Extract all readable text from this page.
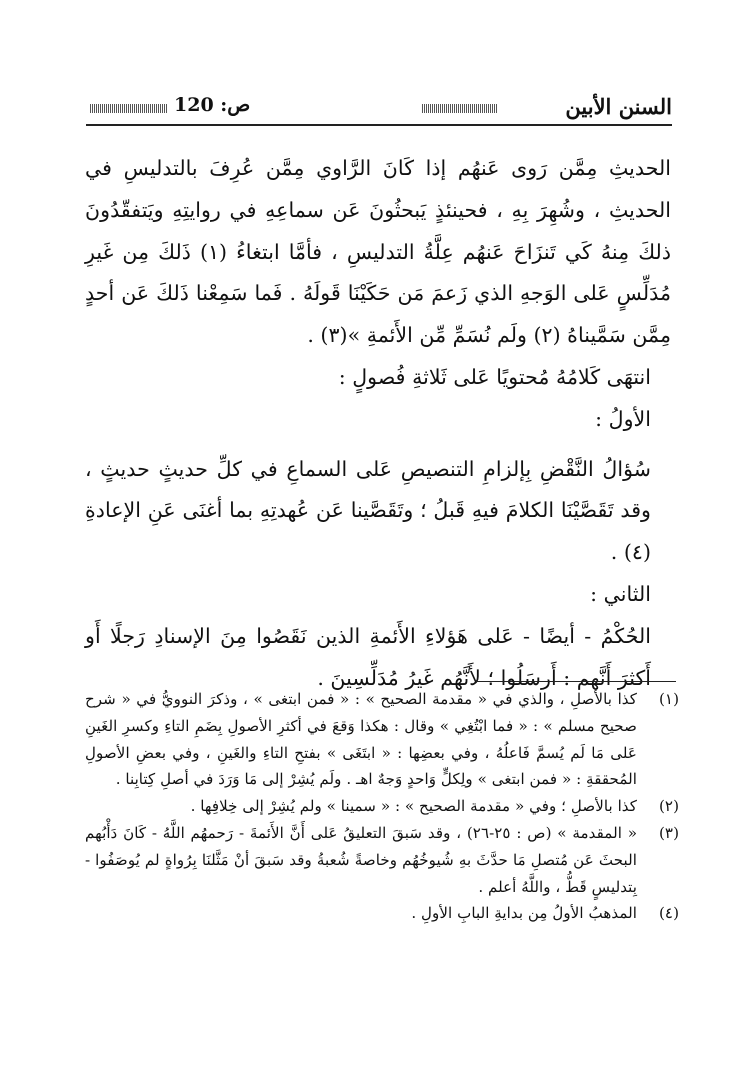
السنن الأبين
ص: 120

الحديثِ مِمَّن رَوى عَنهُم إذا كَانَ الرَّاوي مِمَّن عُرِفَ بالتدليسِ في الحديثِ ، وشُهِرَ بِهِ ، فحينئذٍ يَبحثُونَ عَن سماعِهِ في روايتِهِ ويَتفقّدُونَ ذلكَ مِنهُ كَي تَنزَاحَ عَنهُم عِلَّةُ التدليسِ ، فأمَّا ابتغاءُ (١) ذَلكَ مِن غَيرِ مُدَلِّسٍ عَلى الوَجهِ الذي زَعمَ مَن حَكَيْنَا قَولَهُ . فَما سَمِعْنا ذَلكَ عَن أحدٍ مِمَّن سَمَّيناهُ (٢) ولَم نُسَمِّ مِّن الأَئمةِ »(٣) .

انتهَى كَلامُهُ مُحتويًا عَلى ثَلاثةِ فُصولٍ :

الأولُ :

سُؤالُ النَّقْضِ بِإلزامِ التنصيصِ عَلى السماعِ في كلِّ حديثٍ حديثٍ ، وقد تَقَصَّيْنَا الكلامَ فيهِ قَبلُ ؛ وتَقَصَّينا عَن عُهدتِهِ بما أغنَى عَنِ الإعادةِ (٤) .

الثاني :

الحُكْمُ - أيضًا - عَلى هَؤلاءِ الأَئمةِ الذين نَقَصُوا مِنَ الإسنادِ رَجلًا أَو أَكثرَ أَنَّهم : أَرسَلُوا ؛ لأَنَّهُم غَيرُ مُدَلِّسِينَ .

(١)
كذا بالأصلِ ، والذي في « مقدمة الصحيح » : « فمن ابتغى » ، وذكرَ النوويُّ في « شرح صحيح مسلم » : « فما ابْتُغِي » وقال : هكذا وَقعَ في أكثرِ الأصولِ بِضَمِ التاءِ وكسرِ الغَينِ عَلى مَا لَم يُسمَّ فَاعلُهُ ، وفي بعضِها : « ابتَغَى » بفتحِ التاءِ والغَينِ ، وفي بعضِ الأصولِ المُحققةِ : « فمن ابتغى » ولِكلٍّ وَاحدٍ وَجهٌ اهـ . ولَم يُشِرْ إلى مَا وَرَدَ في أصلِ كِتابِنا .
(٢)
كذا بالأصلِ ؛ وفي « مقدمة الصحيح » : « سمينا » ولم يُشِرْ إلى خِلافِها .
(٣)
« المقدمة » (ص : ٢٥-٢٦) ، وقد سَبقَ التعليقُ عَلى أَنَّ الأَئمةَ - رَحمهُم اللَّهُ - كَانَ دَأْبُهم البحثَ عَن مُتصلِ مَا حدَّثَ بهِ شُيوخُهُم وخاصةً شُعبةُ وقد سَبقَ أنْ مَثَّلنَا بِرُواةٍ لم يُوصَفُوا - بِتدليسٍ قَطُّ ، واللَّهُ أعلم .
(٤)
المذهبُ الأولُ مِن بدايةِ البابِ الأولِ .
